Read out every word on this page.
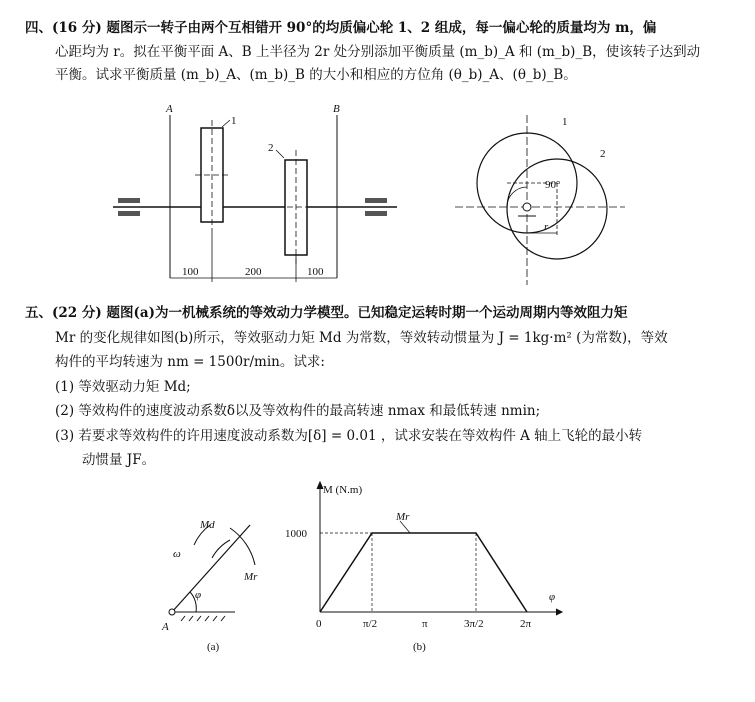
四、(16 分) 题图示一转子由两个互相错开 90°的均质偏心轮 1、2 组成，每一偏心轮的质量均为 m，偏
心距均为 r。拟在平衡平面 A、B 上半径为 2r 处分别添加平衡质量 (m_b)_A 和 (m_b)_B，使该转子达到动
平衡。试求平衡质量 (m_b)_A、(m_b)_B 的大小和相应的方位角 (θ_b)_A、(θ_b)_B。
A	B
1
2
100	200	100
90°
r
1
2
Md
Mr
ω
φ
A
(a)
M (N.m)
1000
Mr
φ
0	π/2	π	3π/2	2π
(b)
五、(22 分) 题图(a)为一机械系统的等效动力学模型。已知稳定运转时期一个运动周期内等效阻力矩
Mr 的变化规律如图(b)所示，等效驱动力矩 Md 为常数，等效转动惯量为 J = 1kg·m² (为常数)，等效
构件的平均转速为 nm = 1500r/min。试求:
(1) 等效驱动力矩 Md;
(2) 等效构件的速度波动系数δ以及等效构件的最高转速 nmax 和最低转速 nmin;
(3) 若要求等效构件的许用速度波动系数为[δ] = 0.01 ，试求安装在等效构件 A 轴上飞轮的最小转
动惯量 JF。
